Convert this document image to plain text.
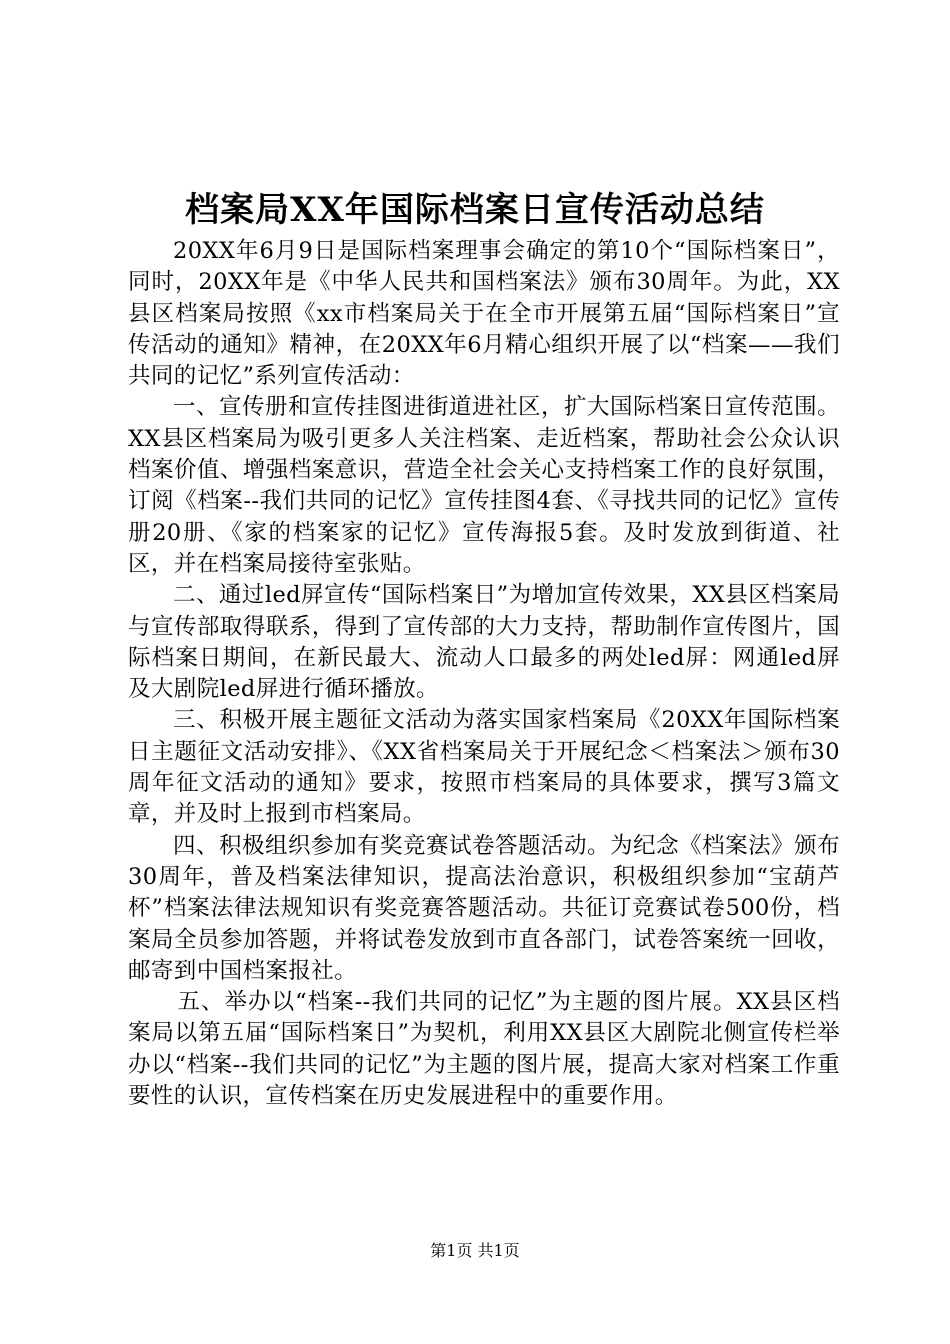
档案局XX年国际档案日宣传活动总结

20XX年6月9日是国际档案理事会确定的第10个“国际档案日”，同时，20XX年是《中华人民共和国档案法》颁布30周年。为此，XX县区档案局按照《xx市档案局关于在全市开展第五届“国际档案日”宣传活动的通知》精神，在20XX年6月精心组织开展了以“档案——我们共同的记忆”系列宣传活动：

一、宣传册和宣传挂图进街道进社区，扩大国际档案日宣传范围。XX县区档案局为吸引更多人关注档案、走近档案，帮助社会公众认识档案价值、增强档案意识，营造全社会关心支持档案工作的良好氛围，订阅《档案--我们共同的记忆》宣传挂图4套、《寻找共同的记忆》宣传册20册、《家的档案家的记忆》宣传海报5套。及时发放到街道、社区，并在档案局接待室张贴。

二、通过led屏宣传“国际档案日”为增加宣传效果，XX县区档案局与宣传部取得联系，得到了宣传部的大力支持，帮助制作宣传图片，国际档案日期间，在新民最大、流动人口最多的两处led屏：网通led屏及大剧院led屏进行循环播放。

三、积极开展主题征文活动为落实国家档案局《20XX年国际档案日主题征文活动安排》、《XX省档案局关于开展纪念＜档案法＞颁布30周年征文活动的通知》要求，按照市档案局的具体要求，撰写3篇文章，并及时上报到市档案局。

四、积极组织参加有奖竞赛试卷答题活动。为纪念《档案法》颁布30周年，普及档案法律知识，提高法治意识，积极组织参加“宝葫芦杯”档案法律法规知识有奖竞赛答题活动。共征订竞赛试卷500份，档案局全员参加答题，并将试卷发放到市直各部门，试卷答案统一回收，邮寄到中国档案报社。

五、举办以“档案--我们共同的记忆”为主题的图片展。XX县区档案局以第五届“国际档案日”为契机，利用XX县区大剧院北侧宣传栏举办以“档案--我们共同的记忆”为主题的图片展，提高大家对档案工作重要性的认识，宣传档案在历史发展进程中的重要作用。

第1页 共1页
